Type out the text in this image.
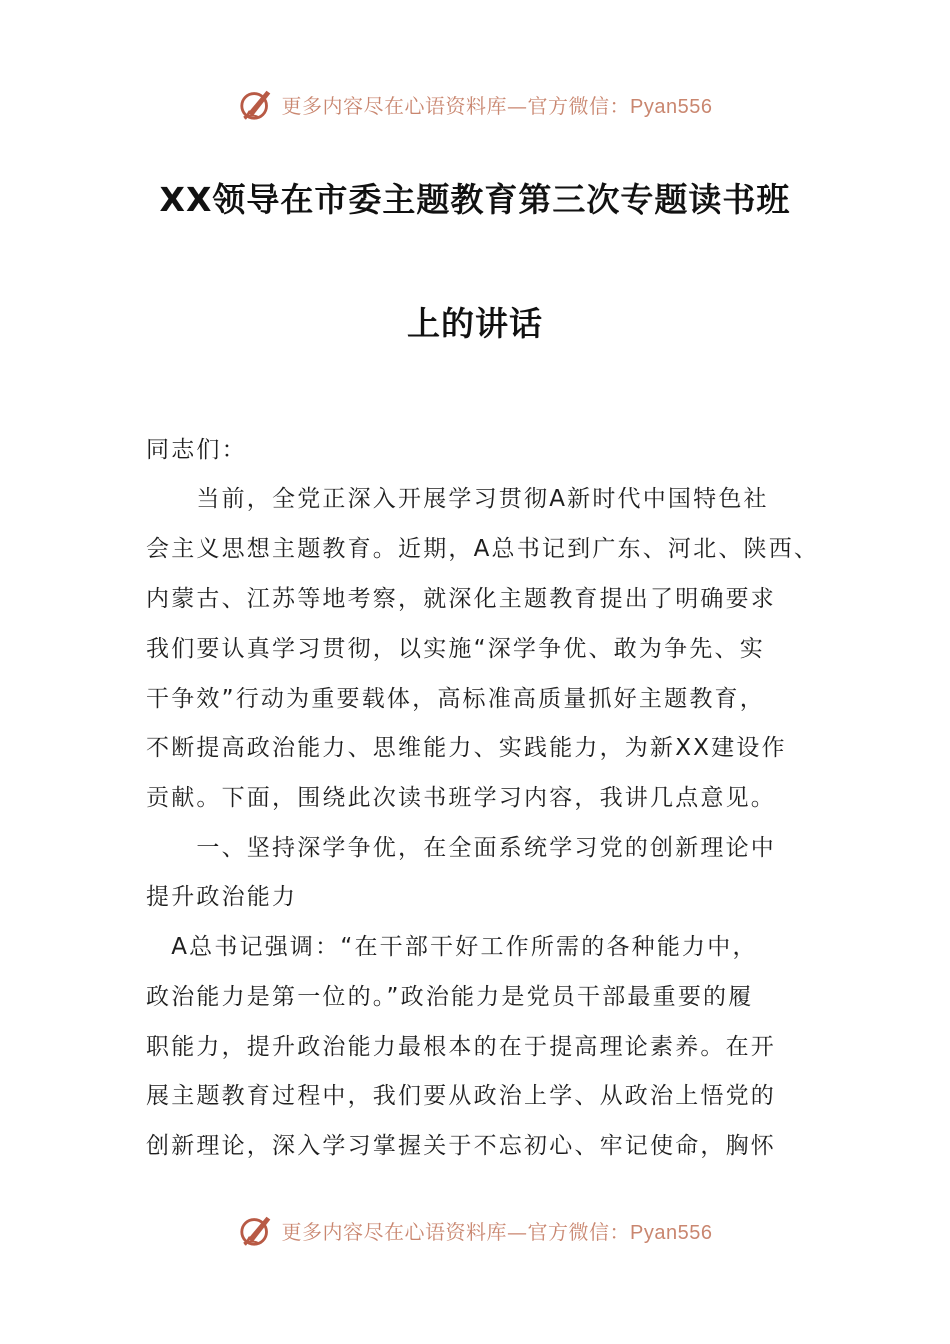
更多内容尽在心语资料库—官方微信：Pyan556
XX领导在市委主题教育第三次专题读书班
上的讲话
同志们：
　　当前，全党正深入开展学习贯彻A新时代中国特色社
会主义思想主题教育。近期，A总书记到广东、河北、陕西、
内蒙古、江苏等地考察，就深化主题教育提出了明确要求
我们要认真学习贯彻，以实施“深学争优、敢为争先、实
干争效”行动为重要载体，高标准高质量抓好主题教育，
不断提高政治能力、思维能力、实践能力，为新XX建设作
贡献。下面，围绕此次读书班学习内容，我讲几点意见。
　　一、坚持深学争优，在全面系统学习党的创新理论中
提升政治能力
　A总书记强调：“在干部干好工作所需的各种能力中，
政治能力是第一位的。”政治能力是党员干部最重要的履
职能力，提升政治能力最根本的在于提高理论素养。在开
展主题教育过程中，我们要从政治上学、从政治上悟党的
创新理论，深入学习掌握关于不忘初心、牢记使命，胸怀
更多内容尽在心语资料库—官方微信：Pyan556
